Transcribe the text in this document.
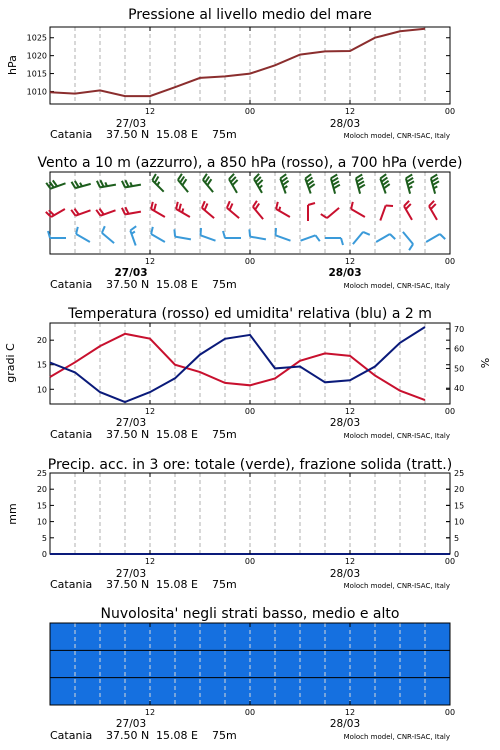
Pressione al livello medio del mare
1010
1015
1020
1025
hPa
12	00	12	00
27/03	28/03
Catania 37.50 N 15.08 E 75m	Moloch model, CNR-ISAC, Italy
Vento a 10 m (azzurro), a 850 hPa (rosso), a 700 hPa (verde)
12	00	12	00
27/03	28/03
Catania 37.50 N 15.08 E 75m	Moloch model, CNR-ISAC, Italy
Temperatura (rosso) ed umidita' relativa (blu) a 2 m
10
15
20
40
50
60
70
gradi C	%
12	00	12	00
27/03	28/03
Catania 37.50 N 15.08 E 75m	Moloch model, CNR-ISAC, Italy
Precip. acc. in 3 ore: totale (verde), frazione solida (tratt.)
0
5
10
15
20
25
0
5
10
15
20
25
mm
12	00	12	00
27/03	28/03
Catania 37.50 N 15.08 E 75m	Moloch model, CNR-ISAC, Italy
Nuvolosita' negli strati basso, medio e alto
12	00	12	00
27/03	28/03
Catania 37.50 N 15.08 E 75m	Moloch model, CNR-ISAC, Italy
